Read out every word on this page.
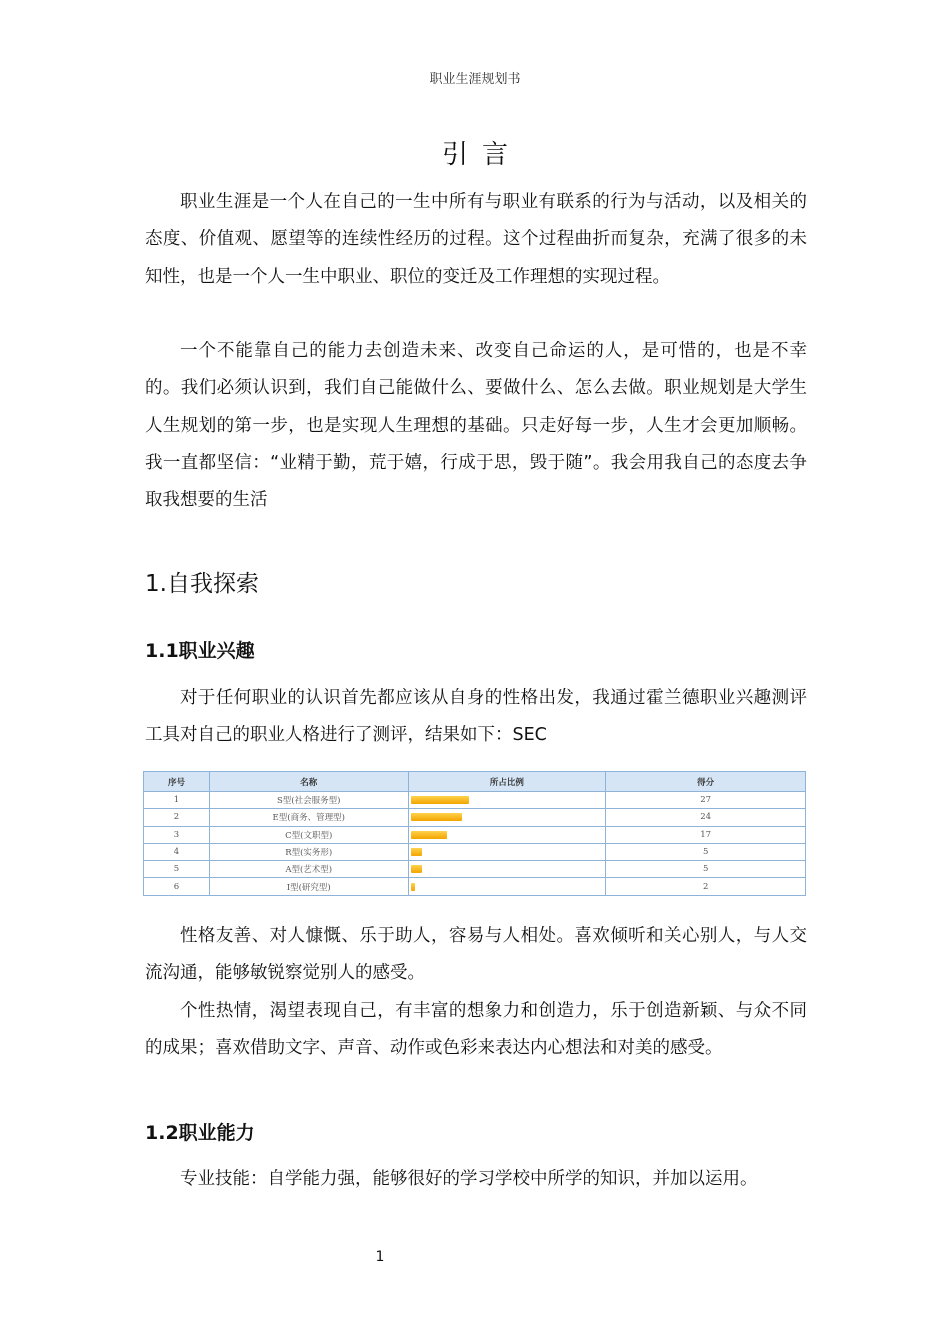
职业生涯规划书
引言

职业生涯是一个人在自己的一生中所有与职业有联系的行为与活动，以及相关的态度、价值观、愿望等的连续性经历的过程。这个过程曲折而复杂，充满了很多的未知性，也是一个人一生中职业、职位的变迁及工作理想的实现过程。

一个不能靠自己的能力去创造未来、改变自己命运的人，是可惜的，也是不幸的。我们必须认识到，我们自己能做什么、要做什么、怎么去做。职业规划是大学生人生规划的第一步，也是实现人生理想的基础。只走好每一步，人生才会更加顺畅。我一直都坚信：“业精于勤，荒于嬉，行成于思，毁于随”。我会用我自己的态度去争取我想要的生活

1.自我探索
1.1职业兴趣

对于任何职业的认识首先都应该从自身的性格出发，我通过霍兰德职业兴趣测评工具对自己的职业人格进行了测评，结果如下：SEC

序号	名称	所占比例	得分
1	S型(社会服务型)		27
2	E型(商务、管理型)		24
3	C型(文职型)		17
4	R型(实务形)		5
5	A型(艺术型)		5
6	I型(研究型)		2

性格友善、对人慷慨、乐于助人，容易与人相处。喜欢倾听和关心别人，与人交流沟通，能够敏锐察觉别人的感受。

个性热情，渴望表现自己，有丰富的想象力和创造力，乐于创造新颖、与众不同的成果；喜欢借助文字、声音、动作或色彩来表达内心想法和对美的感受。

1.2职业能力

专业技能：自学能力强，能够很好的学习学校中所学的知识，并加以运用。

1
